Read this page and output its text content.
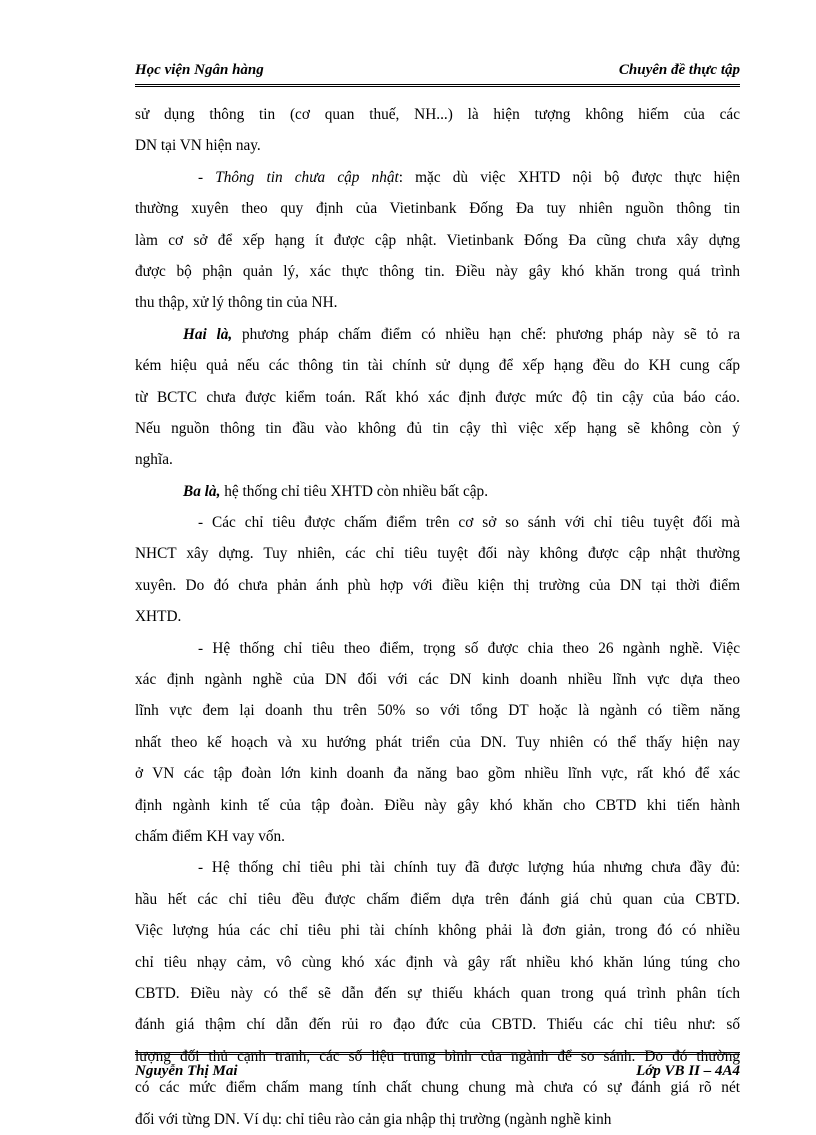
Học viện Ngân hàng	Chuyên đề thực tập
sử dụng thông tin (cơ quan thuế, NH...) là hiện tượng không hiếm của các
DN tại VN hiện nay.
- Thông tin chưa cập nhật: mặc dù việc XHTD nội bộ được thực hiện
thường xuyên theo quy định của Vietinbank Đống Đa tuy nhiên nguồn thông tin
làm cơ sở để xếp hạng ít được cập nhật. Vietinbank Đống Đa cũng chưa xây dựng
được bộ phận quản lý, xác thực thông tin. Điều này gây khó khăn trong quá trình
thu thập, xử lý thông tin của NH.
Hai là, phương pháp chấm điểm có nhiều hạn chế: phương pháp này sẽ tỏ ra
kém hiệu quả nếu các thông tin tài chính sử dụng để xếp hạng đều do KH cung cấp
từ BCTC chưa được kiểm toán. Rất khó xác định được mức độ tin cậy của báo cáo.
Nếu nguồn thông tin đầu vào không đủ tin cậy thì việc xếp hạng sẽ không còn ý
nghĩa.
Ba là, hệ thống chỉ tiêu XHTD còn nhiều bất cập.
- Các chỉ tiêu được chấm điểm trên cơ sở so sánh với chỉ tiêu tuyệt đối mà
NHCT xây dựng. Tuy nhiên, các chỉ tiêu tuyệt đối này không được cập nhật thường
xuyên. Do đó chưa phản ánh phù hợp với điều kiện thị trường của DN tại thời điểm
XHTD.
- Hệ thống chỉ tiêu theo điểm, trọng số được chia theo 26 ngành nghề. Việc
xác định ngành nghề của DN đối với các DN kinh doanh nhiều lĩnh vực dựa theo
lĩnh vực đem lại doanh thu trên 50% so với tổng DT hoặc là ngành có tiềm năng
nhất theo kế hoạch và xu hướng phát triển của DN. Tuy nhiên có thể thấy hiện nay
ở VN các tập đoàn lớn kinh doanh đa năng bao gồm nhiều lĩnh vực, rất khó để xác
định ngành kinh tế của tập đoàn. Điều này gây khó khăn cho CBTD khi tiến hành
chấm điểm KH vay vốn.
- Hệ thống chỉ tiêu phi tài chính tuy đã được lượng húa nhưng chưa đầy đủ:
hầu hết các chỉ tiêu đều được chấm điểm dựa trên đánh giá chủ quan của CBTD.
Việc lượng húa các chỉ tiêu phi tài chính không phải là đơn giản, trong đó có nhiều
chỉ tiêu nhạy cảm, vô cùng khó xác định và gây rất nhiều khó khăn lúng túng cho
CBTD. Điều này có thể sẽ dẫn đến sự thiếu khách quan trong quá trình phân tích
đánh giá thậm chí dẫn đến rủi ro đạo đức của CBTD. Thiếu các chỉ tiêu như: số
lượng đối thủ cạnh tranh, các số liệu trung bình của ngành để so sánh. Do đó thường
có các mức điểm chấm mang tính chất chung chung mà chưa có sự đánh giá rõ nét
đối với từng DN. Ví dụ: chỉ tiêu rào cản gia nhập thị trường (ngành nghề kinh
Nguyễn Thị Mai	Lớp VB II – 4A4
